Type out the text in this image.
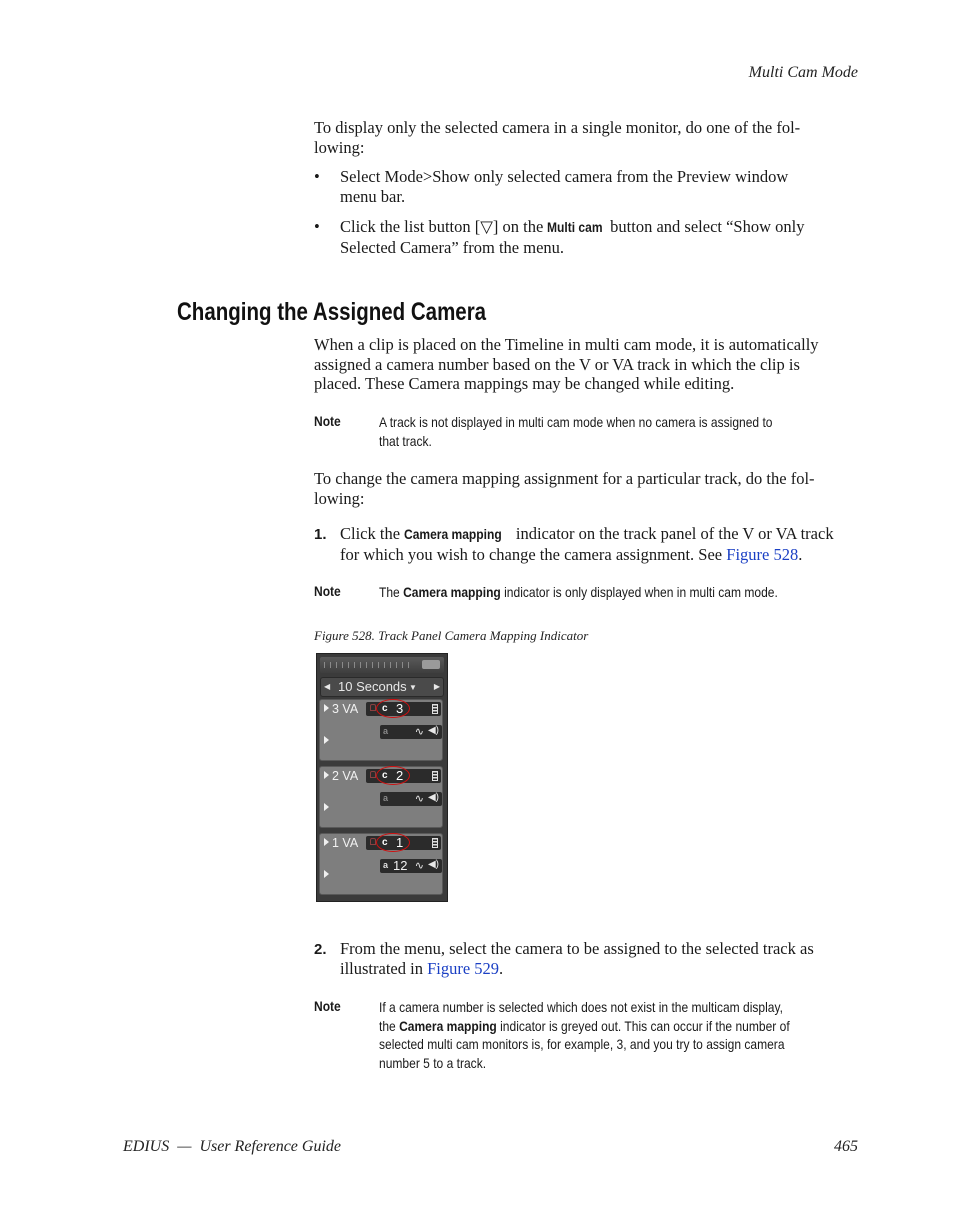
Multi Cam Mode
To display only the selected camera in a single monitor, do one of the fol-
lowing:
• Select Mode>Show only selected camera from the Preview window
menu bar.
• Click the list button [▽] on the Multi cam button and select “Show only
Selected Camera” from the menu.
Changing the Assigned Camera
When a clip is placed on the Timeline in multi cam mode, it is automatically
assigned a camera number based on the V or VA track in which the clip is
placed. These Camera mappings may be changed while editing.
Note	A track is not displayed in multi cam mode when no camera is assigned to
that track.
To change the camera mapping assignment for a particular track, do the fol-
lowing:
1. Click the Camera mapping indicator on the track panel of the V or VA track
for which you wish to change the camera assignment. See Figure 528.
Note	The Camera mapping indicator is only displayed when in multi cam mode.
Figure 528. Track Panel Camera Mapping Indicator
◀ 10 Seconds ▼ ▶
3 VA c 3
a ∿ ◀)
2 VA c 2
a ∿ ◀)
1 VA c 1
a 12 ∿ ◀)
2. From the menu, select the camera to be assigned to the selected track as
illustrated in Figure 529.
Note	If a camera number is selected which does not exist in the multicam display,
the Camera mapping indicator is greyed out. This can occur if the number of
selected multi cam monitors is, for example, 3, and you try to assign camera
number 5 to a track.
EDIUS  —  User Reference Guide	465
